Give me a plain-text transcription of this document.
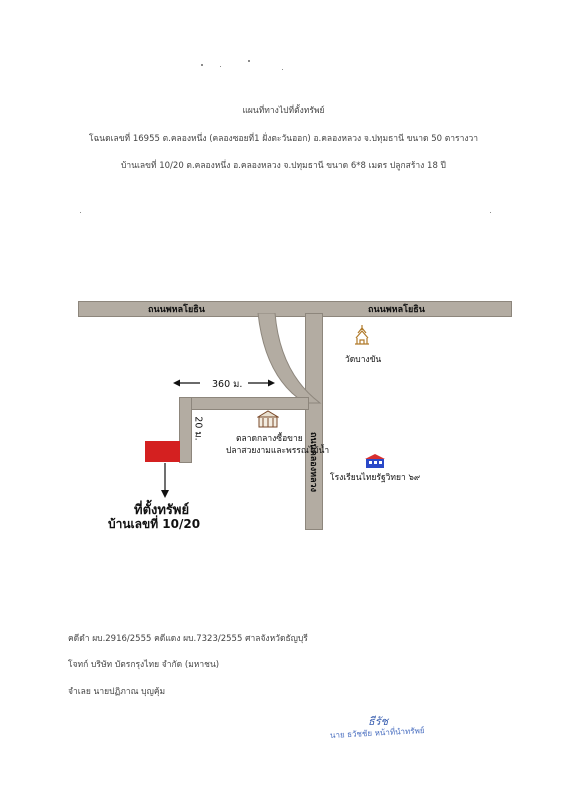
แผนที่ทางไปที่ตั้งทรัพย์
โฉนดเลขที่ 16955 ต.คลองหนึ่ง (คลองซอยที่1 ฝั่งตะวันออก) อ.คลองหลวง จ.ปทุมธานี ขนาด 50 ตารางวา
บ้านเลขที่ 10/20 ต.คลองหนึ่ง อ.คลองหลวง จ.ปทุมธานี ขนาด 6*8 เมตร ปลูกสร้าง 18 ปี
ถนนพหลโยธิน	ถนนพหลโยธิน
ถนนคลองหลวง
360 ม.
20 ม.
วัดบางขัน
ตลาดกลางซื้อขาย
ปลาสวยงามและพรรณไม้น้ำ
โรงเรียนไทยรัฐวิทยา ๖๙
ที่ตั้งทรัพย์
บ้านเลขที่ 10/20
คดีดำ ผบ.2916/2555 คดีแดง ผบ.7323/2555 ศาลจังหวัดธัญบุรี
โจทก์ บริษัท บัตรกรุงไทย จำกัด (มหาชน)
จำเลย นายปฏิภาณ บุญคุ้ม
ธีรัช
นาย ธวัชชัย หน้าที่นำทรัพย์
